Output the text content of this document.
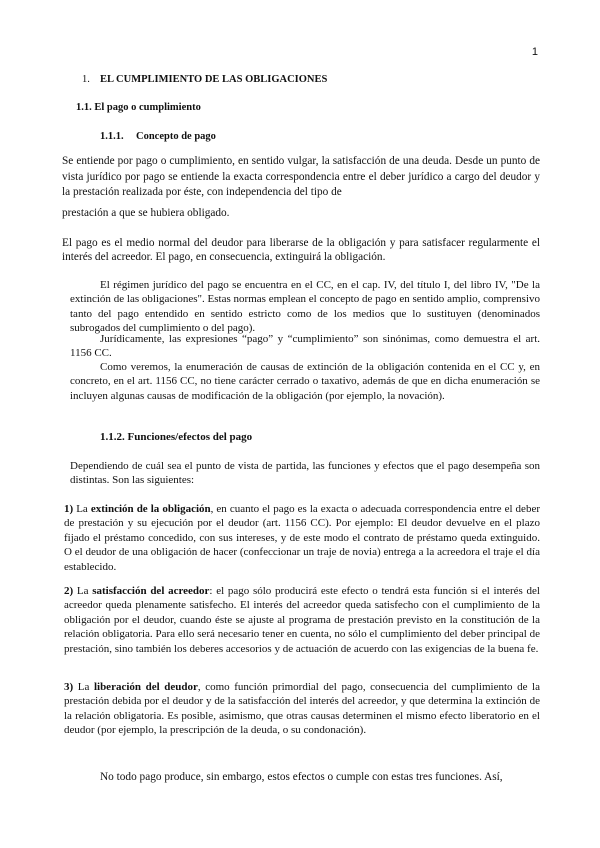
1
1. EL CUMPLIMIENTO DE LAS OBLIGACIONES
1.1. El pago o cumplimiento
1.1.1. Concepto de pago
Se entiende por pago o cumplimiento, en sentido vulgar, la satisfacción de una deuda. Desde un punto de vista jurídico por pago se entiende la exacta correspondencia entre el deber jurídico a cargo del deudor y la prestación realizada por éste, con independencia del tipo de
prestación a que se hubiera obligado.
El pago es el medio normal del deudor para liberarse de la obligación y para satisfacer regularmente el interés del acreedor. El pago, en consecuencia, extinguirá la obligación.
El régimen jurídico del pago se encuentra en el CC, en el cap. IV, del título I, del libro IV, "De la extinción de las obligaciones". Estas normas emplean el concepto de pago en sentido amplio, comprensivo tanto del pago entendido en sentido estricto como de los medios que lo sustituyen (denominados subrogados del cumplimiento o del pago).
Jurídicamente, las expresiones “pago” y “cumplimiento” son sinónimas, como demuestra el art. 1156 CC.
Como veremos, la enumeración de causas de extinción de la obligación contenida en el CC y, en concreto, en el art. 1156 CC, no tiene carácter cerrado o taxativo, además de que en dicha enumeración se incluyen algunas causas de modificación de la obligación (por ejemplo, la novación).
1.1.2. Funciones/efectos del pago
Dependiendo de cuál sea el punto de vista de partida, las funciones y efectos que el pago desempeña son distintas. Son las siguientes:
1) La extinción de la obligación, en cuanto el pago es la exacta o adecuada correspondencia entre el deber de prestación y su ejecución por el deudor (art. 1156 CC). Por ejemplo: El deudor devuelve en el plazo fijado el préstamo concedido, con sus intereses, y de este modo el contrato de préstamo queda extinguido. O el deudor de una obligación de hacer (confeccionar un traje de novia) entrega a la acreedora el traje el día establecido.
2) La satisfacción del acreedor: el pago sólo producirá este efecto o tendrá esta función si el interés del acreedor queda plenamente satisfecho. El interés del acreedor queda satisfecho con el cumplimiento de la obligación por el deudor, cuando éste se ajuste al programa de prestación previsto en la constitución de la relación obligatoria. Para ello será necesario tener en cuenta, no sólo el cumplimiento del deber principal de prestación, sino también los deberes accesorios y de actuación de acuerdo con las exigencias de la buena fe.
3) La liberación del deudor, como función primordial del pago, consecuencia del cumplimiento de la prestación debida por el deudor y de la satisfacción del interés del acreedor, y que determina la extinción de la relación obligatoria. Es posible, asimismo, que otras causas determinen el mismo efecto liberatorio en el deudor (por ejemplo, la prescripción de la deuda, o su condonación).
No todo pago produce, sin embargo, estos efectos o cumple con estas tres funciones. Así,
